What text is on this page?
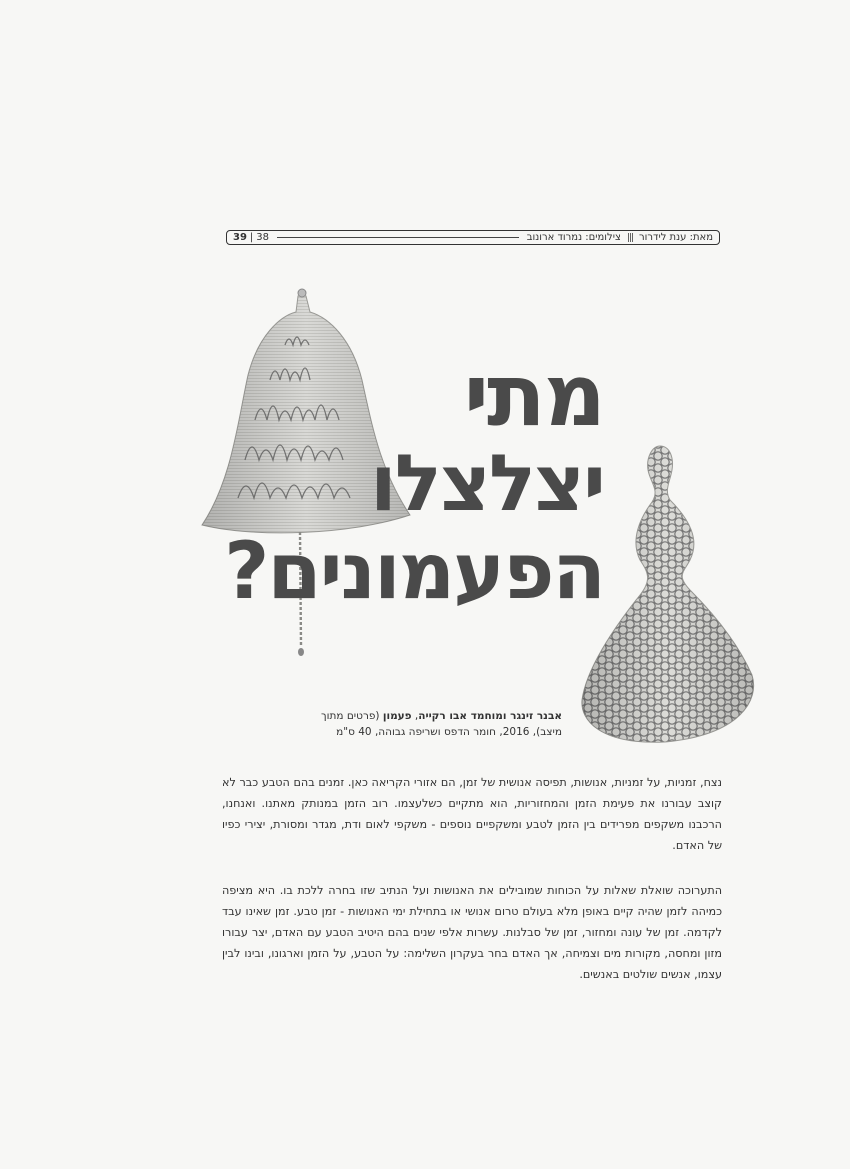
מאת: ענת לידרור
|||
צילומים: נמרוד ארונוב
39 | 38
מתי
יצלצלו
הפעמונים?
אבנר זינגר ומוחמד אבו רקייה, פעמון (פרטים מתוך
מיצב), 2016, חומר הדפס ושריפה גבוהה, 40 ס"מ

נצח, זמניות, על זמניות, אנושות, תפיסה אנושית של זמן, הם אזורי הקריאה כאן. זמנים בהם הטבע כבר לא קוצב עבורנו את פעימת הזמן והמחזוריות, הוא מתקיים כשלעצמו. רוב הזמן במנותק מאתנו. ואנחנו, הרכבנו משקפים מפרידים בין הזמן לטבע ומשקפיים נוספים - משקפי לאום ודת, מגדר ומסורת, יצירי כפיו של האדם.

התערוכה שואלת שאלות על הכוחות שמובילים את האנושות ועל הנתיב שזו בחרה ללכת בו. היא מציפה כמיהה לזמן שהיה קיים באופן מלא בעולם טרום אנושי או בתחילת ימי האנושות - זמן טבע. זמן שאינו עבד לקדמה. זמן של עונה ומחזור, זמן של סבלנות. עשרות אלפי שנים בהם היטיב הטבע עם האדם, יצר עבורו מזון ומחסה, מקורות מים וצמיחה, אך האדם בחר בעקרון השלימה: על הטבע, על הזמן וארגונו, ובינו לבין עצמו, אנשים שולטים באנשים.
